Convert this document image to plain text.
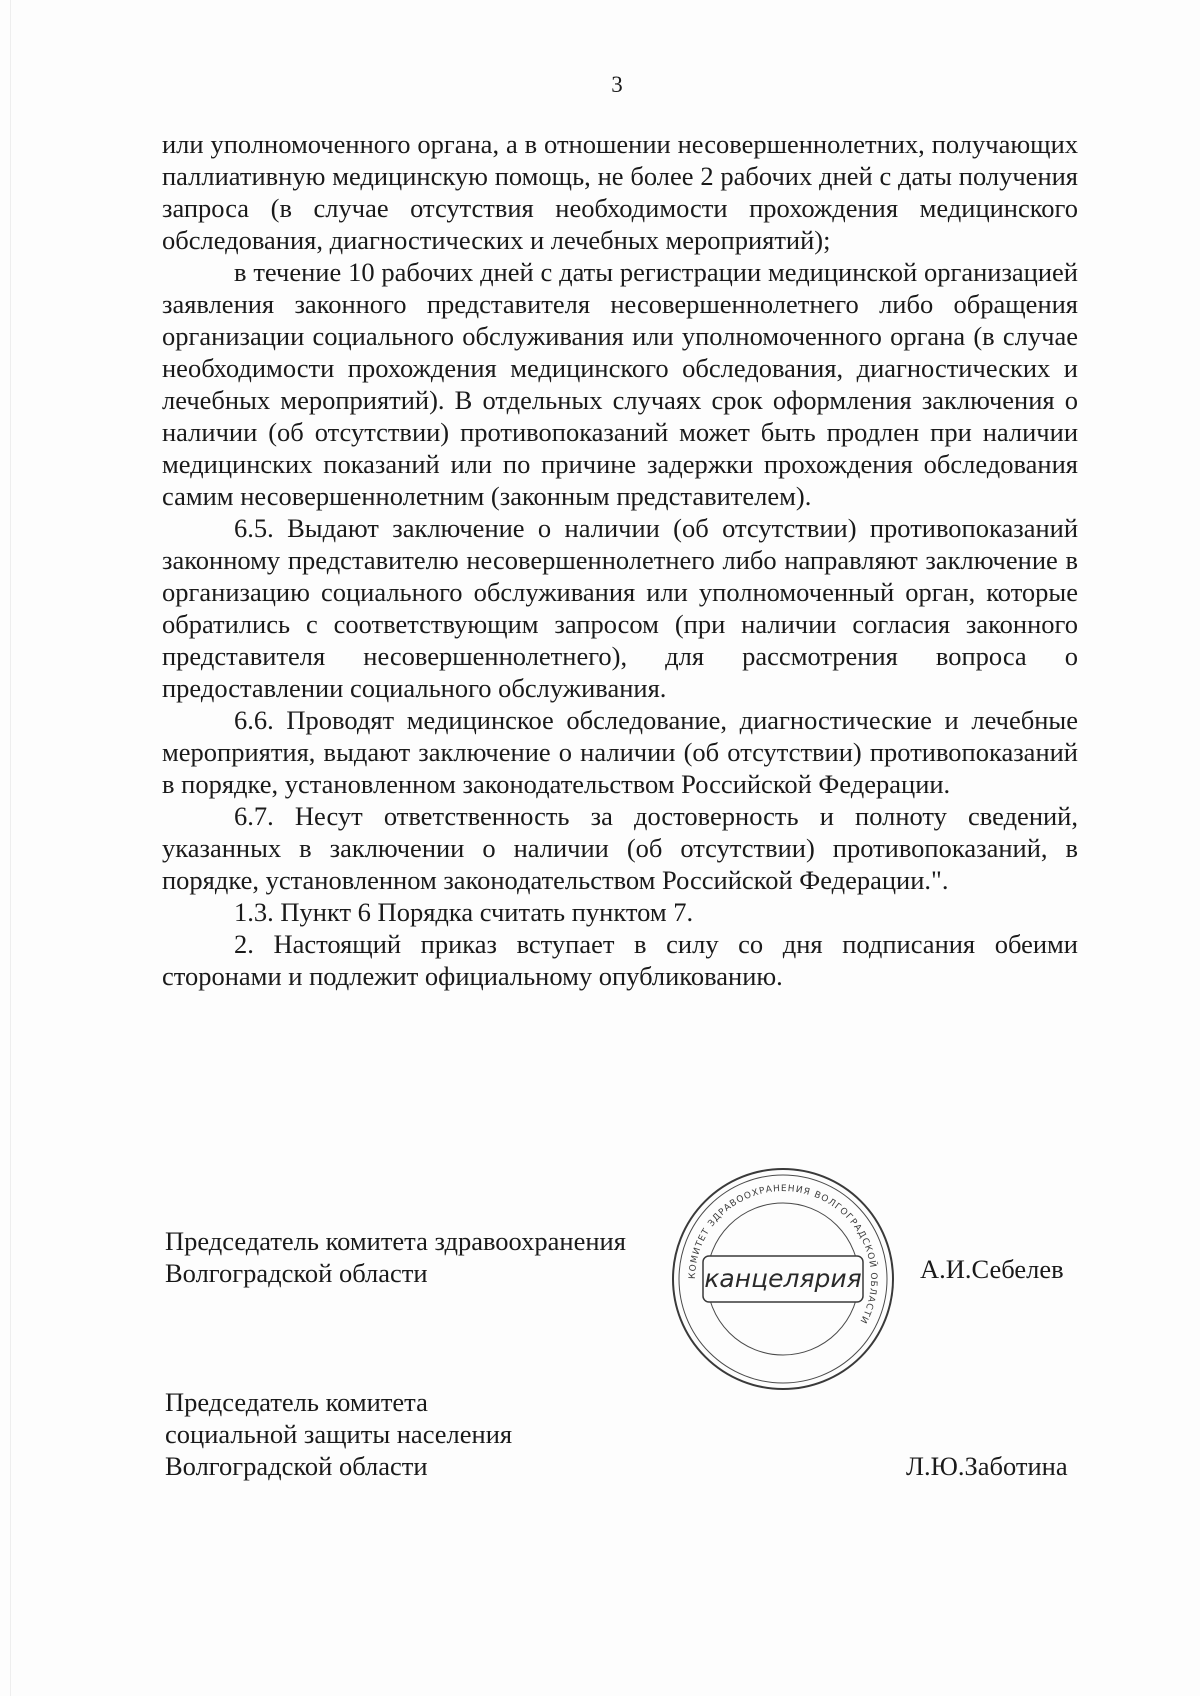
3

или уполномоченного органа, а в отношении несовершеннолетних, получающих паллиативную медицинскую помощь, не более 2 рабочих дней с даты получения запроса (в случае отсутствия необходимости прохождения медицинского обследования, диагностических и лечебных мероприятий);

в течение 10 рабочих дней с даты регистрации медицинской организацией заявления законного представителя несовершеннолетнего либо обращения организации социального обслуживания или уполномоченного органа (в случае необходимости прохождения медицинского обследования, диагностических и лечебных мероприятий). В отдельных случаях срок оформления заключения о наличии (об отсутствии) противопоказаний может быть продлен при наличии медицинских показаний или по причине задержки прохождения обследования самим несовершеннолетним (законным представителем).

6.5. Выдают заключение о наличии (об отсутствии) противопоказаний законному представителю несовершеннолетнего либо направляют заключение в организацию социального обслуживания или уполномоченный орган, которые обратились с соответствующим запросом (при наличии согласия законного представителя несовершеннолетнего), для рассмотрения вопроса о предоставлении социального обслуживания.

6.6. Проводят медицинское обследование, диагностические и лечебные мероприятия, выдают заключение о наличии (об отсутствии) противопоказаний в порядке, установленном законодательством Российской Федерации.

6.7. Несут ответственность за достоверность и полноту сведений, указанных в заключении о наличии (об отсутствии) противопоказаний, в порядке, установленном законодательством Российской Федерации.".

1.3. Пункт 6 Порядка считать пунктом 7.

2. Настоящий приказ вступает в силу со дня подписания обеими сторонами и подлежит официальному опубликованию.

Председатель комитета здравоохранения
Волгоградской области	А.И.Себелев
КОМИТЕТ ЗДРАВООХРАНЕНИЯ ВОЛГОГРАДСКОЙ ОБЛАСТИ
канцелярия
Председатель комитета
социальной защиты населения
Волгоградской области	Л.Ю.Заботина
